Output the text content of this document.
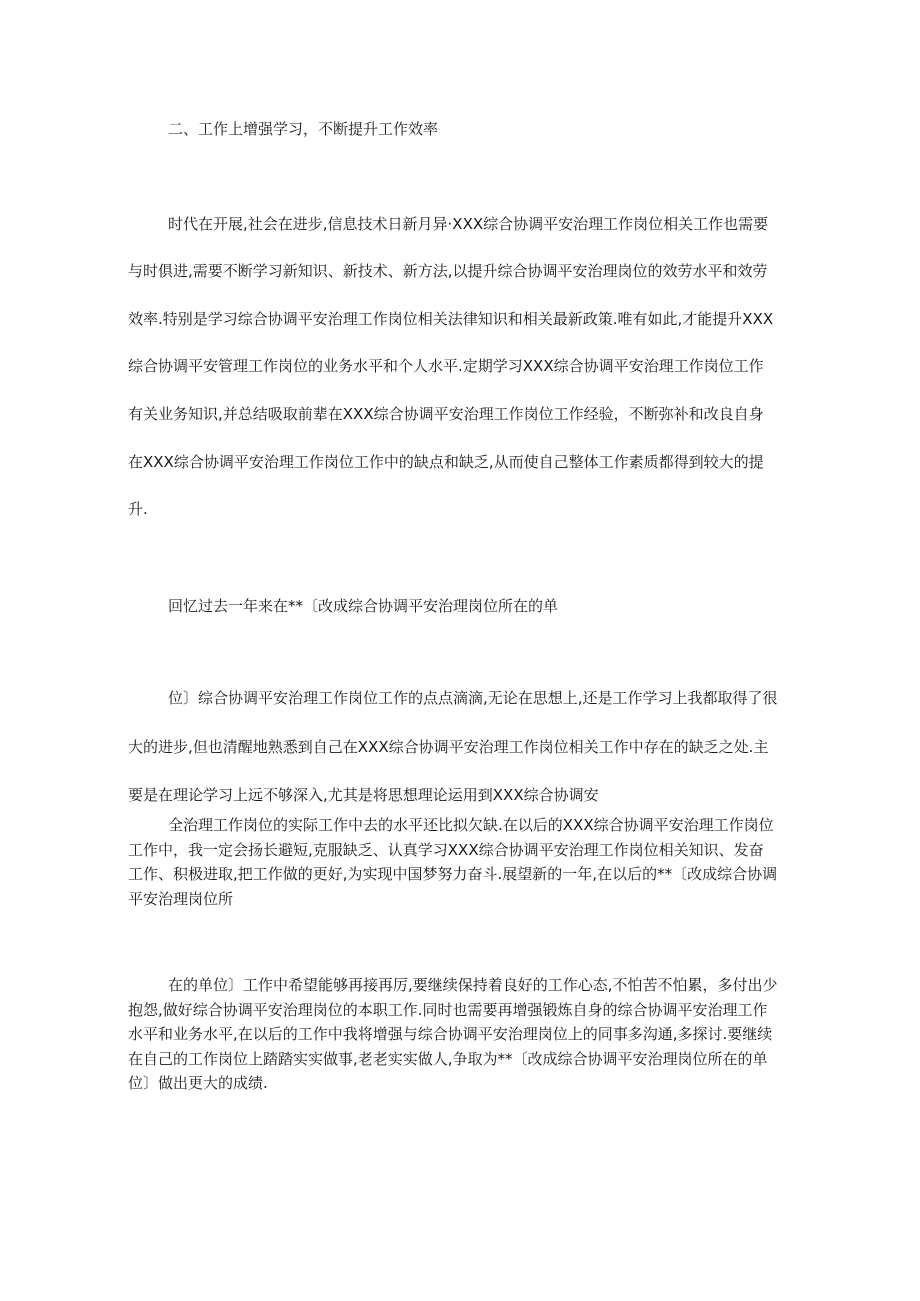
二、工作上增强学习，不断提升工作效率

时代在开展,社会在进步,信息技术日新月异·XXX综合协调平安治理工作岗位相关工作也需要

与时俱进,需要不断学习新知识、新技术、新方法,以提升综合协调平安治理岗位的效劳水平和效劳

效率.特别是学习综合协调平安治理工作岗位相关法律知识和相关最新政策.唯有如此,才能提升XXX

综合协调平安管理工作岗位的业务水平和个人水平.定期学习XXX综合协调平安治理工作岗位工作

有关业务知识,并总结吸取前辈在XXX综合协调平安治理工作岗位工作经验，不断弥补和改良自身

在XXX综合协调平安治理工作岗位工作中的缺点和缺乏,从而使自己整体工作素质都得到较大的提

升.

回忆过去一年来在**〔改成综合协调平安治理岗位所在的单

位〕综合协调平安治理工作岗位工作的点点滴滴,无论在思想上,还是工作学习上我都取得了很

大的进步,但也清醒地熟悉到自己在XXX综合协调平安治理工作岗位相关工作中存在的缺乏之处.主

要是在理论学习上远不够深入,尤其是将思想理论运用到XXX综合协调安

全治理工作岗位的实际工作中去的水平还比拟欠缺.在以后的XXX综合协调平安治理工作岗位

工作中，我一定会扬长避短,克服缺乏、认真学习XXX综合协调平安治理工作岗位相关知识、发奋

工作、积极进取,把工作做的更好,为实现中国梦努力奋斗.展望新的一年,在以后的**〔改成综合协调

平安治理岗位所

在的单位〕工作中希望能够再接再厉,要继续保持着良好的工作心态,不怕苦不怕累，多付出少

抱怨,做好综合协调平安治理岗位的本职工作.同时也需要再增强锻炼自身的综合协调平安治理工作

水平和业务水平,在以后的工作中我将增强与综合协调平安治理岗位上的同事多沟通,多探讨.要继续

在自己的工作岗位上踏踏实实做事,老老实实做人,争取为**〔改成综合协调平安治理岗位所在的单

位〕做出更大的成绩.
